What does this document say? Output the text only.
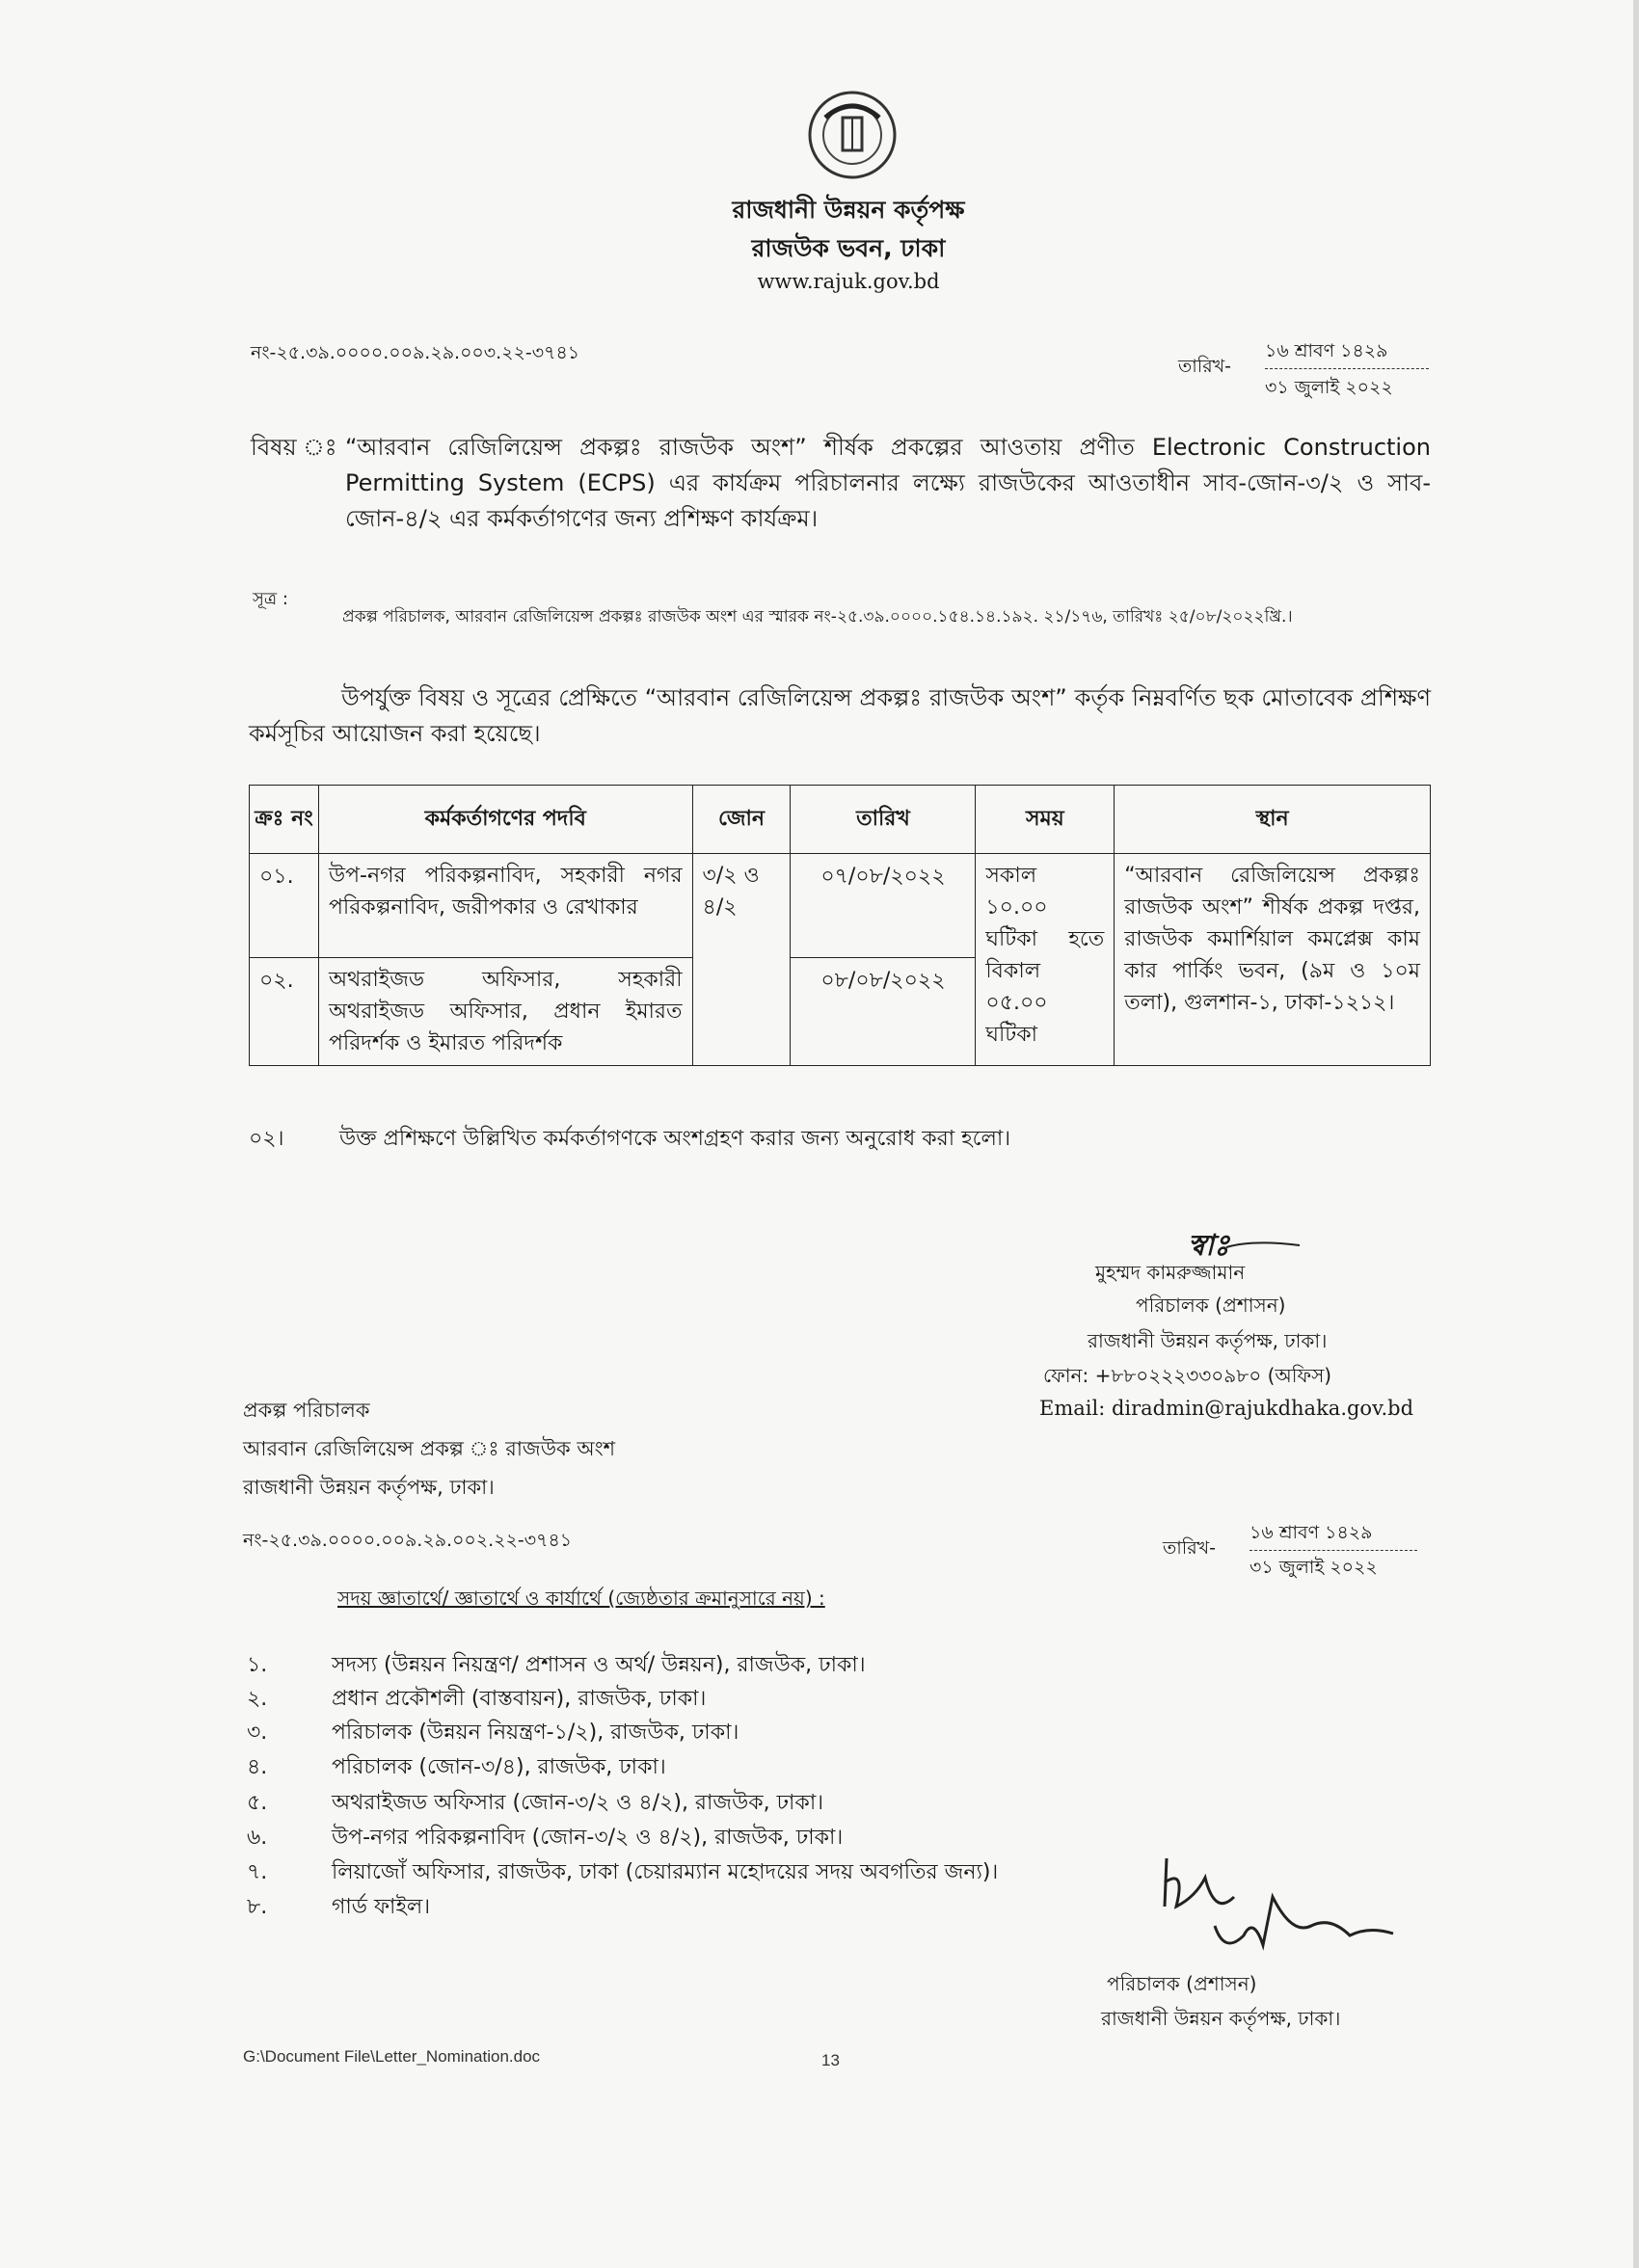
রাজধানী উন্নয়ন কর্তৃপক্ষ
রাজউক ভবন, ঢাকা
www.rajuk.gov.bd
নং-২৫.৩৯.০০০০.০০৯.২৯.০০৩.২২-৩৭৪১
তারিখ-
১৬ শ্রাবণ ১৪২৯
৩১ জুলাই ২০২২
বিষয় ঃ “আরবান রেজিলিয়েন্স প্রকল্পঃ রাজউক অংশ” শীর্ষক প্রকল্পের আওতায় প্রণীত Electronic Construction Permitting System (ECPS) এর কার্যক্রম পরিচালনার লক্ষ্যে রাজউকের আওতাধীন সাব-জোন-৩/২ ও সাব-জোন-৪/২ এর কর্মকর্তাগণের জন্য প্রশিক্ষণ কার্যক্রম।
সূত্র :
প্রকল্প পরিচালক, আরবান রেজিলিয়েন্স প্রকল্পঃ রাজউক অংশ এর স্মারক নং-২৫.৩৯.০০০০.১৫৪.১৪.১৯২. ২১/১৭৬, তারিখঃ ২৫/০৮/২০২২খ্রি.।
উপর্যুক্ত বিষয় ও সূত্রের প্রেক্ষিতে “আরবান রেজিলিয়েন্স প্রকল্পঃ রাজউক অংশ” কর্তৃক নিম্নবর্ণিত ছক মোতাবেক প্রশিক্ষণ কর্মসূচির আয়োজন করা হয়েছে।
ক্রঃ নং	কর্মকর্তাগণের পদবি	জোন	তারিখ	সময়	স্থান
০১.	উপ-নগর পরিকল্পনাবিদ, সহকারী নগর পরিকল্পনাবিদ, জরীপকার ও রেখাকার	৩/২ ও ৪/২	০৭/০৮/২০২২	সকাল ১০.০০ ঘটিকা হতে বিকাল ০৫.০০ ঘটিকা	“আরবান রেজিলিয়েন্স প্রকল্পঃ রাজউক অংশ” শীর্ষক প্রকল্প দপ্তর, রাজউক কমার্শিয়াল কমপ্লেক্স কাম কার পার্কিং ভবন, (৯ম ও ১০ম তলা), গুলশান-১, ঢাকা-১২১২।
০২.	অথরাইজড অফিসার, সহকারী অথরাইজড অফিসার, প্রধান ইমারত পরিদর্শক ও ইমারত পরিদর্শক		০৮/০৮/২০২২		
০২।	উক্ত প্রশিক্ষণে উল্লিখিত কর্মকর্তাগণকে অংশগ্রহণ করার জন্য অনুরোধ করা হলো।
স্বাঃ
মুহম্মদ কামরুজ্জামান
পরিচালক (প্রশাসন)
রাজধানী উন্নয়ন কর্তৃপক্ষ, ঢাকা।
ফোন: +৮৮০২২২৩৩০৯৮০ (অফিস)
Email: diradmin@rajukdhaka.gov.bd
প্রকল্প পরিচালক
আরবান রেজিলিয়েন্স প্রকল্প ঃ রাজউক অংশ
রাজধানী উন্নয়ন কর্তৃপক্ষ, ঢাকা।
নং-২৫.৩৯.০০০০.০০৯.২৯.০০২.২২-৩৭৪১	তারিখ-
১৬ শ্রাবণ ১৪২৯
৩১ জুলাই ২০২২
সদয় জ্ঞাতার্থে/ জ্ঞাতার্থে ও কার্যার্থে (জ্যেষ্ঠতার ক্রমানুসারে নয়) :
১.	সদস্য (উন্নয়ন নিয়ন্ত্রণ/ প্রশাসন ও অর্থ/ উন্নয়ন), রাজউক, ঢাকা।
২.	প্রধান প্রকৌশলী (বাস্তবায়ন), রাজউক, ঢাকা।
৩.	পরিচালক (উন্নয়ন নিয়ন্ত্রণ-১/২), রাজউক, ঢাকা।
৪.	পরিচালক (জোন-৩/৪), রাজউক, ঢাকা।
৫.	অথরাইজড অফিসার (জোন-৩/২ ও ৪/২), রাজউক, ঢাকা।
৬.	উপ-নগর পরিকল্পনাবিদ (জোন-৩/২ ও ৪/২), রাজউক, ঢাকা।
৭.	লিয়াজোঁ অফিসার, রাজউক, ঢাকা (চেয়ারম্যান মহোদয়ের সদয় অবগতির জন্য)।
৮.	গার্ড ফাইল।
পরিচালক (প্রশাসন)
রাজধানী উন্নয়ন কর্তৃপক্ষ, ঢাকা।
G:\Document File\Letter_Nomination.doc	13
